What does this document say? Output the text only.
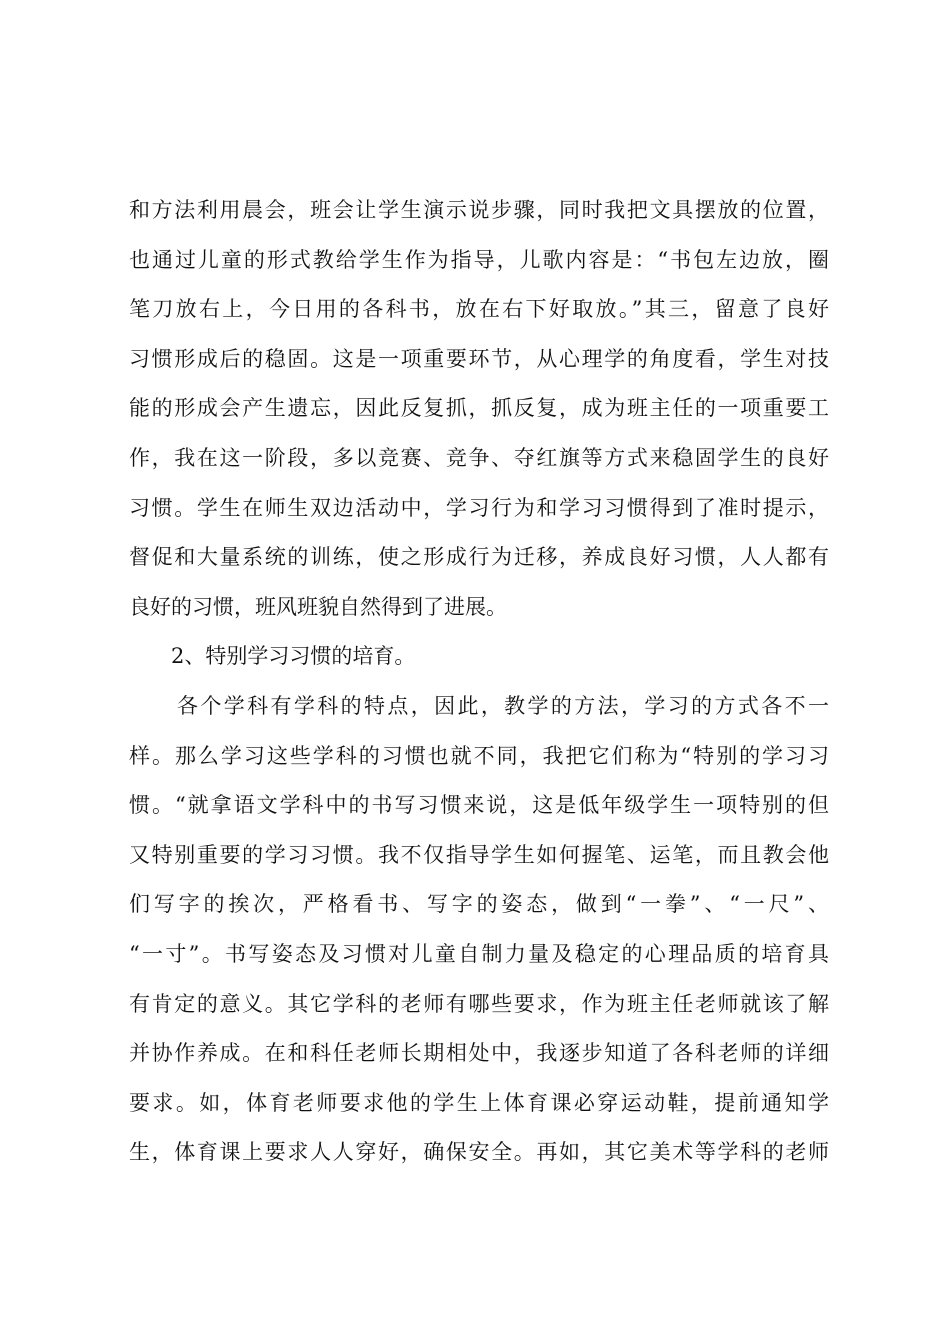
和方法利用晨会，班会让学生演示说步骤，同时我把文具摆放的位置，
也通过儿童的形式教给学生作为指导，儿歌内容是：“书包左边放，圈
笔刀放右上，今日用的各科书，放在右下好取放。”其三，留意了良好
习惯形成后的稳固。这是一项重要环节，从心理学的角度看，学生对技
能的形成会产生遗忘，因此反复抓，抓反复，成为班主任的一项重要工
作，我在这一阶段，多以竞赛、竞争、夺红旗等方式来稳固学生的良好
习惯。学生在师生双边活动中，学习行为和学习习惯得到了准时提示，
督促和大量系统的训练，使之形成行为迁移，养成良好习惯，人人都有
良好的习惯，班风班貌自然得到了进展。
2、特别学习习惯的培育。
各个学科有学科的特点，因此，教学的方法，学习的方式各不一
样。那么学习这些学科的习惯也就不同，我把它们称为“特别的学习习
惯。“就拿语文学科中的书写习惯来说，这是低年级学生一项特别的但
又特别重要的学习习惯。我不仅指导学生如何握笔、运笔，而且教会他
们写字的挨次，严格看书、写字的姿态，做到“一拳”、“一尺”、
“一寸”。书写姿态及习惯对儿童自制力量及稳定的心理品质的培育具
有肯定的意义。其它学科的老师有哪些要求，作为班主任老师就该了解
并协作养成。在和科任老师长期相处中，我逐步知道了各科老师的详细
要求。如，体育老师要求他的学生上体育课必穿运动鞋，提前通知学
生，体育课上要求人人穿好，确保安全。再如，其它美术等学科的老师
